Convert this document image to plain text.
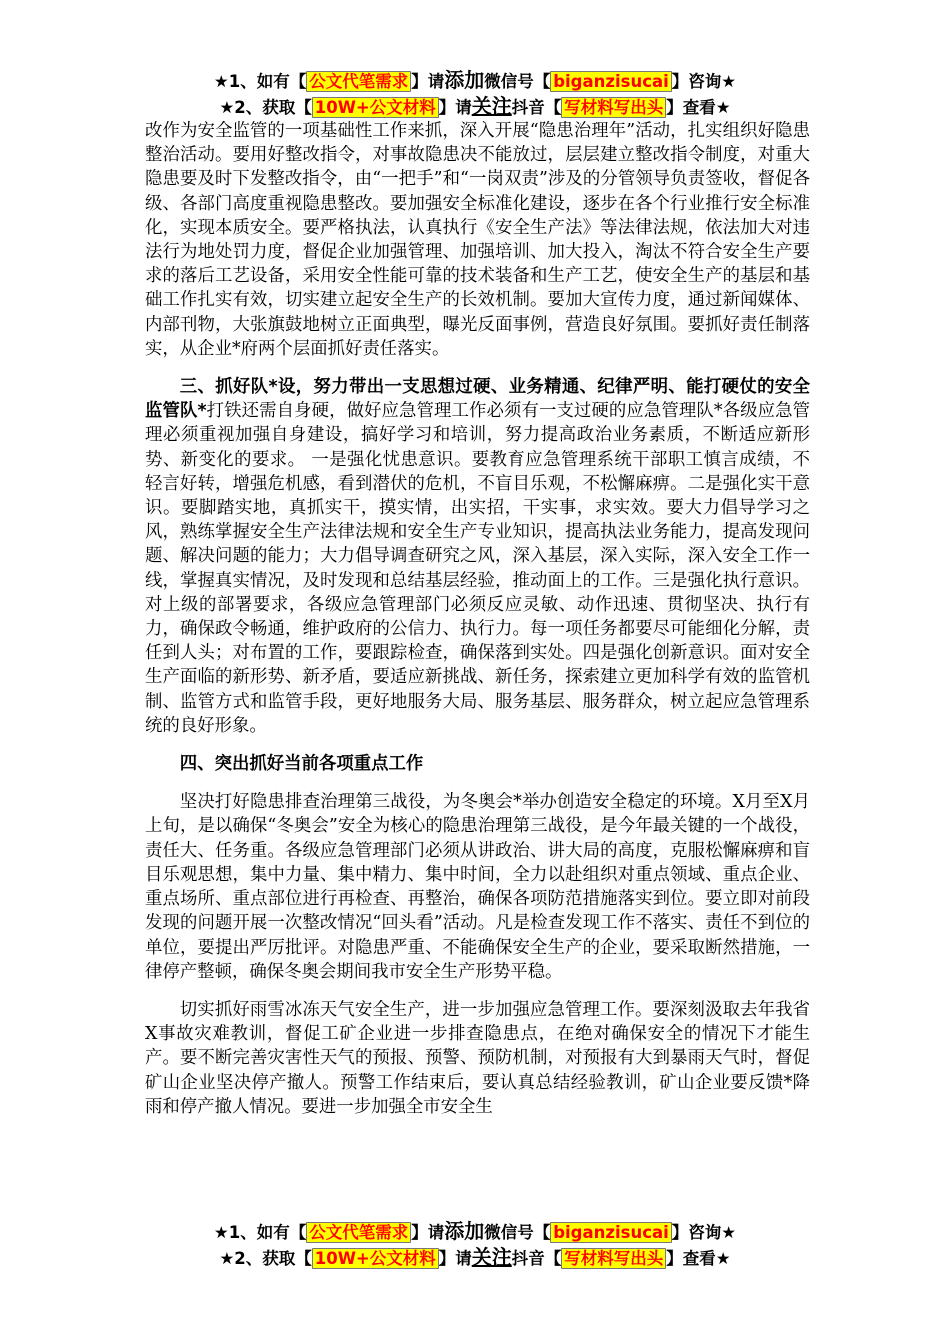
★1、如有【 公文代笔需求 】请添加微信号【 biganzisucai 】咨询★
★2、获取【 10W+公文材料 】请关注抖音【 写材料写出头 】查看★

改作为安全监管的一项基础性工作来抓，深入开展“隐患治理年”活动，扎实组织好隐患整治活动。要用好整改指令，对事故隐患决不能放过，层层建立整改指令制度，对重大隐患要及时下发整改指令，由“一把手”和“一岗双责”涉及的分管领导负责签收，督促各级、各部门高度重视隐患整改。要加强安全标准化建设，逐步在各个行业推行安全标准化，实现本质安全。要严格执法，认真执行《安全生产法》等法律法规，依法加大对违法行为地处罚力度，督促企业加强管理、加强培训、加大投入，淘汰不符合安全生产要求的落后工艺设备，采用安全性能可靠的技术装备和生产工艺，使安全生产的基层和基础工作扎实有效，切实建立起安全生产的长效机制。要加大宣传力度，通过新闻媒体、内部刊物，大张旗鼓地树立正面典型，曝光反面事例，营造良好氛围。要抓好责任制落实，从企业*府两个层面抓好责任落实。

三、抓好队*设，努力带出一支思想过硬、业务精通、纪律严明、能打硬仗的安全监管队*打铁还需自身硬，做好应急管理工作必须有一支过硬的应急管理队*各级应急管理必须重视加强自身建设，搞好学习和培训，努力提高政治业务素质，不断适应新形势、新变化的要求。 一是强化忧患意识。要教育应急管理系统干部职工慎言成绩，不轻言好转，增强危机感，看到潜伏的危机，不盲目乐观，不松懈麻痹。二是强化实干意识。要脚踏实地，真抓实干，摸实情，出实招，干实事，求实效。要大力倡导学习之风，熟练掌握安全生产法律法规和安全生产专业知识，提高执法业务能力，提高发现问题、解决问题的能力；大力倡导调查研究之风，深入基层，深入实际，深入安全工作一线，掌握真实情况，及时发现和总结基层经验，推动面上的工作。三是强化执行意识。对上级的部署要求，各级应急管理部门必须反应灵敏、动作迅速、贯彻坚决、执行有力，确保政令畅通，维护政府的公信力、执行力。每一项任务都要尽可能细化分解，责任到人头；对布置的工作，要跟踪检查，确保落到实处。四是强化创新意识。面对安全生产面临的新形势、新矛盾，要适应新挑战、新任务，探索建立更加科学有效的监管机制、监管方式和监管手段，更好地服务大局、服务基层、服务群众，树立起应急管理系统的良好形象。

四、突出抓好当前各项重点工作

坚决打好隐患排查治理第三战役，为冬奥会*举办创造安全稳定的环境。X月至X月上旬，是以确保“冬奥会”安全为核心的隐患治理第三战役，是今年最关键的一个战役，责任大、任务重。各级应急管理部门必须从讲政治、讲大局的高度，克服松懈麻痹和盲目乐观思想，集中力量、集中精力、集中时间，全力以赴组织对重点领域、重点企业、重点场所、重点部位进行再检查、再整治，确保各项防范措施落实到位。要立即对前段发现的问题开展一次整改情况“回头看”活动。凡是检查发现工作不落实、责任不到位的单位，要提出严厉批评。对隐患严重、不能确保安全生产的企业，要采取断然措施，一律停产整顿，确保冬奥会期间我市安全生产形势平稳。

切实抓好雨雪冰冻天气安全生产，进一步加强应急管理工作。要深刻汲取去年我省X事故灾难教训，督促工矿企业进一步排查隐患点，在绝对确保安全的情况下才能生产。要不断完善灾害性天气的预报、预警、预防机制，对预报有大到暴雨天气时，督促矿山企业坚决停产撤人。预警工作结束后，要认真总结经验教训，矿山企业要反馈*降雨和停产撤人情况。要进一步加强全市安全生

★1、如有【 公文代笔需求 】请添加微信号【 biganzisucai 】咨询★
★2、获取【 10W+公文材料 】请关注抖音【 写材料写出头 】查看★
